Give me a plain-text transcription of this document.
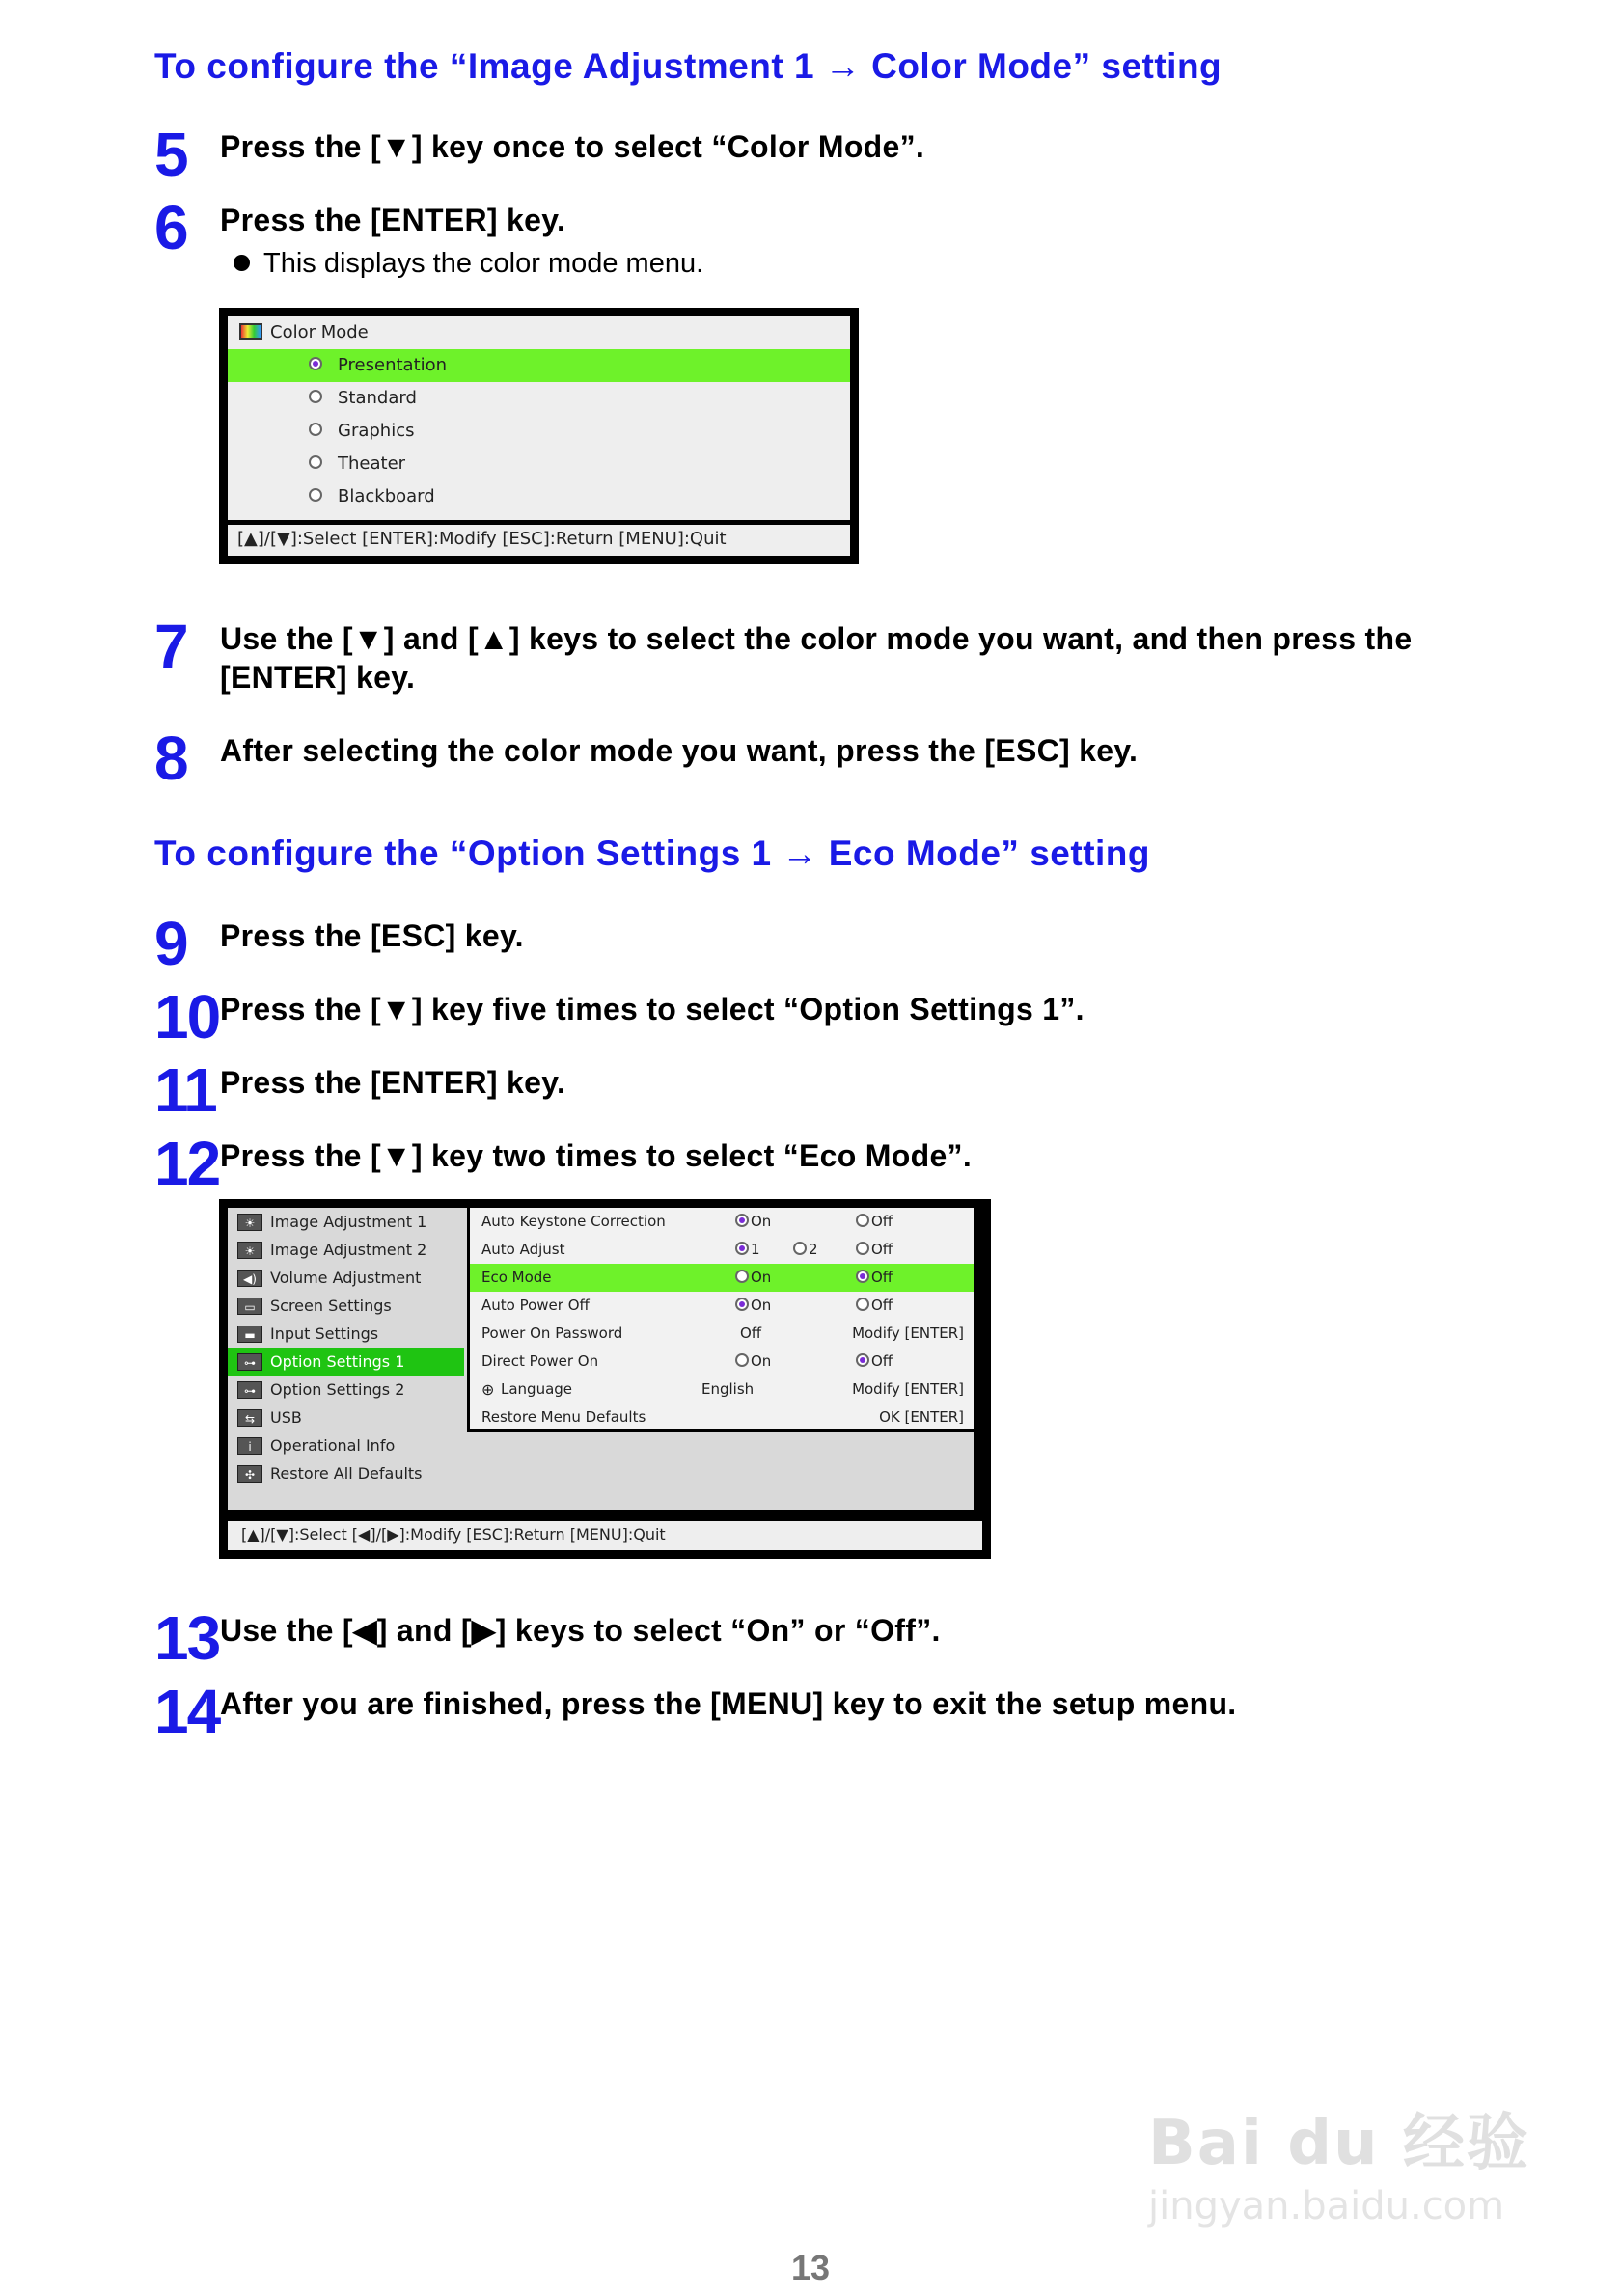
To configure the “Image Adjustment 1 → Color Mode” setting
5 Press the [▼] key once to select “Color Mode”.
6 Press the [ENTER] key.
This displays the color mode menu.
Color Mode
Presentation
Standard
Graphics
Theater
Blackboard
[▲]/[▼]:Select [ENTER]:Modify [ESC]:Return [MENU]:Quit
7 Use the [▼] and [▲] keys to select the color mode you want, and then press the [ENTER] key.
8 After selecting the color mode you want, press the [ESC] key.
To configure the “Option Settings 1 → Eco Mode” setting
9 Press the [ESC] key.
10 Press the [▼] key five times to select “Option Settings 1”.
11 Press the [ENTER] key.
12 Press the [▼] key two times to select “Eco Mode”.
☀ Image Adjustment 1
☀ Image Adjustment 2
◀) Volume Adjustment
▭ Screen Settings
▬ Input Settings
⊶ Option Settings 1
⊶ Option Settings 2
⇆ USB
i Operational Info
✣ Restore All Defaults
Auto Keystone Correction	On	Off
Auto Adjust	1	2	Off
Eco Mode	On	Off
Auto Power Off	On	Off
Power On Password	Off	Modify [ENTER]
Direct Power On	On	Off
⊕ Language	English	Modify [ENTER]
Restore Menu Defaults	OK [ENTER]
[▲]/[▼]:Select [◀]/[▶]:Modify [ESC]:Return [MENU]:Quit
13 Use the [◀] and [▶] keys to select “On” or “Off”.
14 After you are finished, press the [MENU] key to exit the setup menu.
Bai du 经验
jingyan.baidu.com
13
